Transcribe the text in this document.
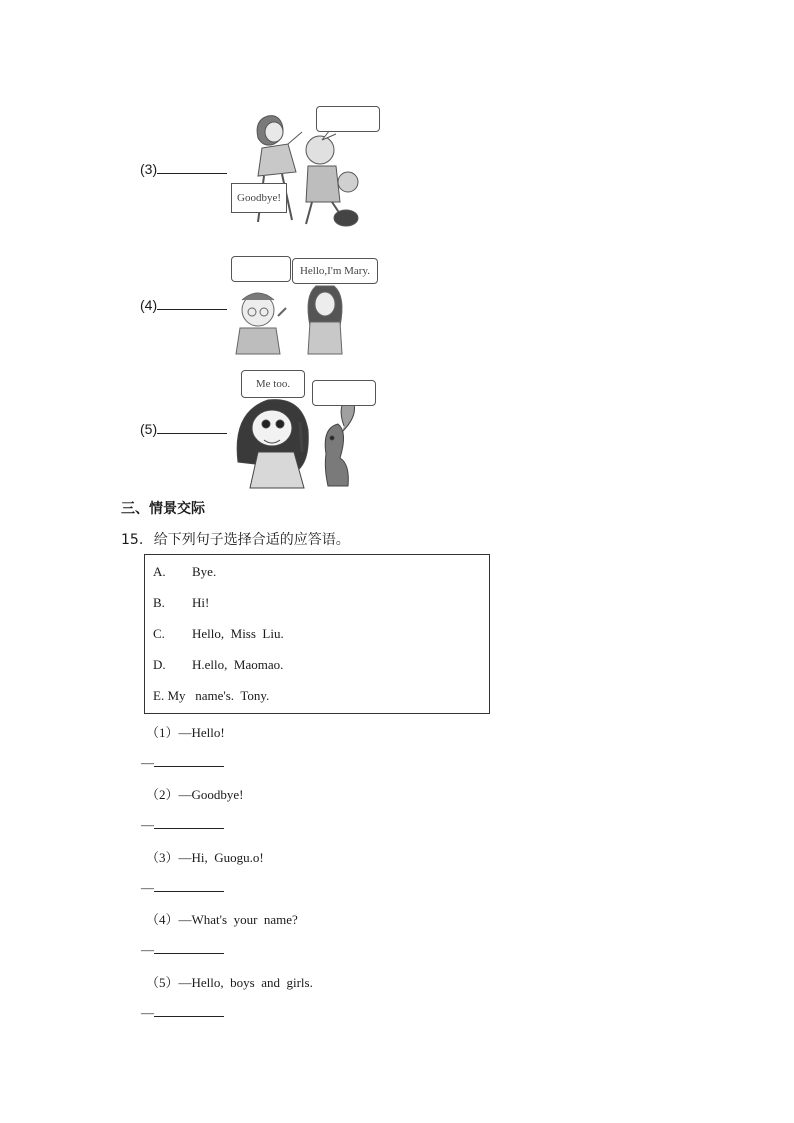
(3)
Goodbye!
(4)
Hello,I'm Mary.
(5)
Me too.
三、情景交际
15. 给下列句子选择合适的应答语。
A. Bye.
B. Hi!
C. Hello,  Miss  Liu.
D. H.ello,  Maomao.
E. My   name's.  Tony.
（1）—Hello!
—
（2）—Goodbye!
—
（3）—Hi,  Guogu.o!
—
（4）—What's  your  name?
—
（5）—Hello,  boys  and  girls.
—
